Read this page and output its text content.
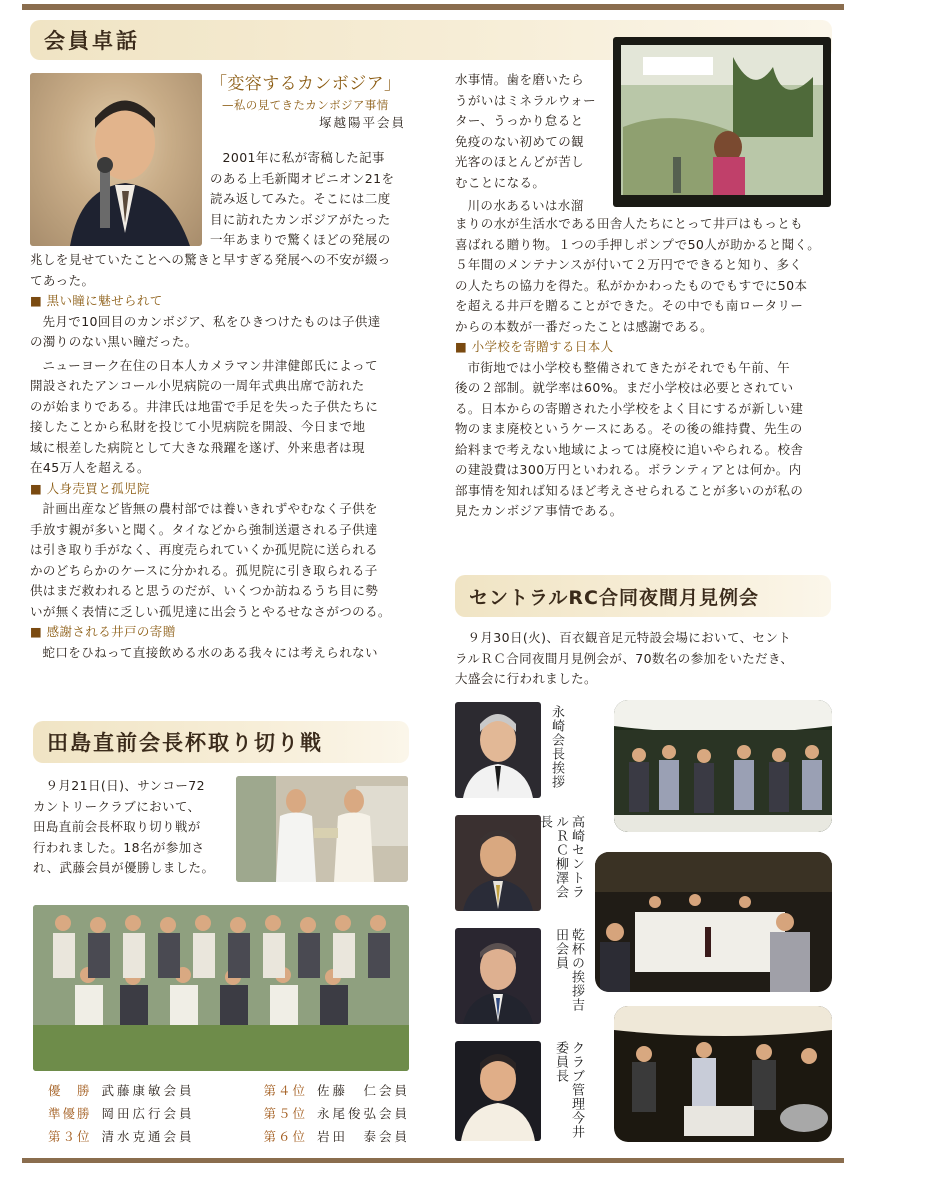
会員卓話
「変容するカンボジア」
—私の見てきたカンボジア事情
塚越陽平会員
2001年に私が寄稿した記事
のある上毛新聞オピニオン21を
読み返してみた。そこには二度
目に訪れたカンボジアがたった
一年あまりで驚くほどの発展の
兆しを見せていたことへの驚きと早すぎる発展への不安が綴っ
てあった。
■ 黒い瞳に魅せられて
先月で10回目のカンボジア、私をひきつけたものは子供達
の濁りのない黒い瞳だった。
ニューヨーク在住の日本人カメラマン井津健郎氏によって
開設されたアンコール小児病院の一周年式典出席で訪れた
のが始まりである。井津氏は地雷で手足を失った子供たちに
接したことから私財を投じて小児病院を開設、今日まで地
域に根差した病院として大きな飛躍を遂げ、外来患者は現
在45万人を超える。
■ 人身売買と孤児院
計画出産など皆無の農村部では養いきれずやむなく子供を
手放す親が多いと聞く。タイなどから強制送還される子供達
は引き取り手がなく、再度売られていくか孤児院に送られる
かのどちらかのケースに分かれる。孤児院に引き取られる子
供はまだ救われると思うのだが、いくつか訪ねるうち目に勢
いが無く表情に乏しい孤児達に出会うとやるせなさがつのる。
■ 感謝される井戸の寄贈
蛇口をひねって直接飲める水のある我々には考えられない
水事情。歯を磨いたら
うがいはミネラルウォー
ター、うっかり怠ると
免疫のない初めての観
光客のほとんどが苦し
むことになる。
川の水あるいは水溜
まりの水が生活水である田舎人たちにとって井戸はもっとも
喜ばれる贈り物。１つの手押しポンプで50人が助かると聞く。
５年間のメンテナンスが付いて２万円でできると知り、多く
の人たちの協力を得た。私がかかわったものでもすでに50本
を超える井戸を贈ることができた。その中でも南ロータリー
からの本数が一番だったことは感謝である。
■ 小学校を寄贈する日本人
市街地では小学校も整備されてきたがそれでも午前、午
後の２部制。就学率は60%。まだ小学校は必要とされてい
る。日本からの寄贈された小学校をよく目にするが新しい建
物のまま廃校というケースにある。その後の維持費、先生の
給料まで考えない地域によっては廃校に追いやられる。校舎
の建設費は300万円といわれる。ボランティアとは何か。内
部事情を知れば知るほど考えさせられることが多いのが私の
見たカンボジア事情である。
田島直前会長杯取り切り戦
９月21日(日)、サンコー72
カントリークラブにおいて、
田島直前会長杯取り切り戦が
行われました。18名が参加さ
れ、武藤会員が優勝しました。
優　勝	武藤康敏会員	第４位	佐藤　仁会員
準優勝	岡田広行会員	第５位	永尾俊弘会員
第３位	清水克通会員	第６位	岩田　泰会員
セントラルRC合同夜間月見例会
９月30日(火)、百衣観音足元特設会場において、セント
ラルＲＣ合同夜間月見例会が、70数名の参加をいただき、
大盛会に行われました。
永崎会長挨拶
高崎セントラルＲＣ柳澤会長
乾杯の挨拶吉田会員
クラブ管理今井委員長
